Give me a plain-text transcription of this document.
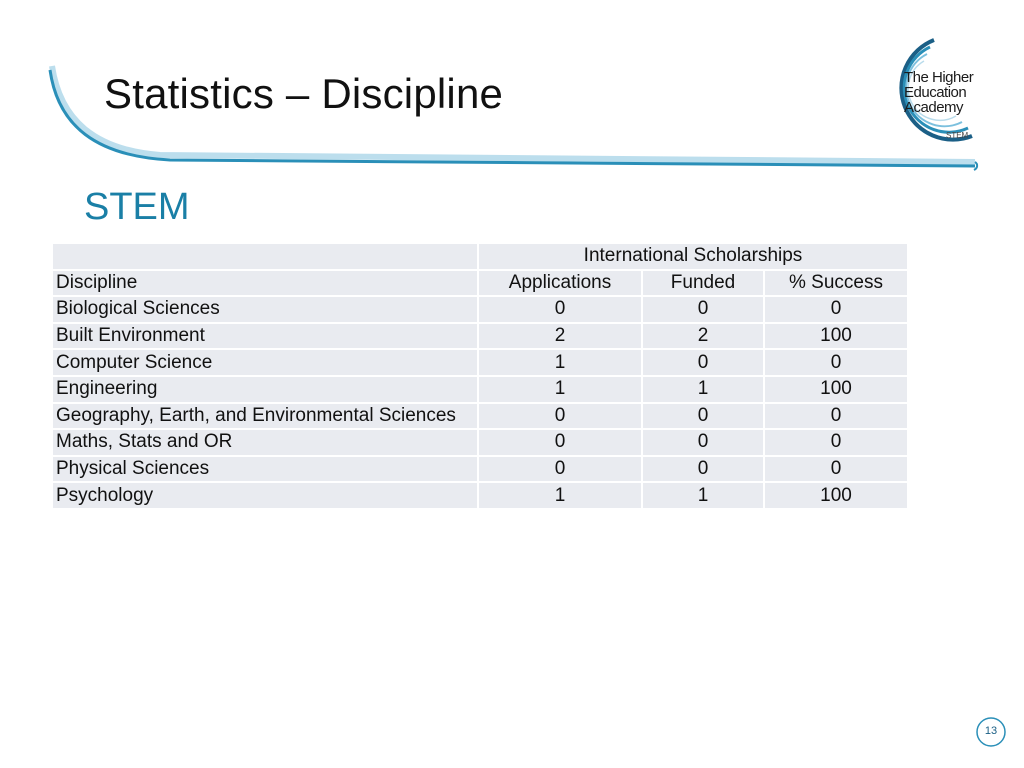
Statistics – Discipline	The Higher
Education
Academy
STEM
STEM
	International Scholarships		
Discipline	Applications	Funded	% Success
Biological Sciences	0	0	0
Built Environment	2	2	100
Computer Science	1	0	0
Engineering	1	1	100
Geography, Earth, and Environmental Sciences	0	0	0
Maths, Stats and OR	0	0	0
Physical Sciences	0	0	0
Psychology	1	1	100
13
